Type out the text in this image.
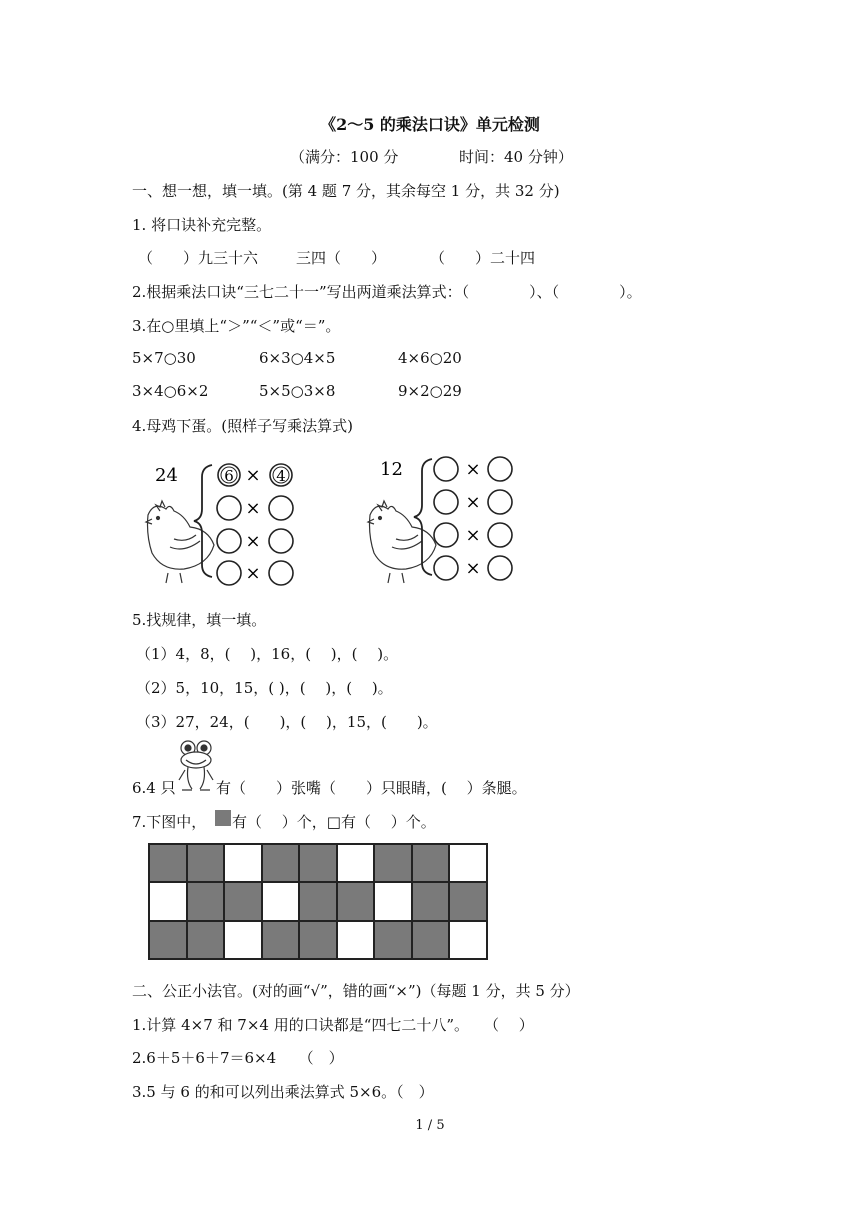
《2～5 的乘法口诀》单元检测
（满分：100 分	时间：40 分钟）
一、想一想，填一填。(第 4 题 7 分，其余每空 1 分，共 32 分)
1. 将口诀补充完整。
（　　）九三十六	三四（　　）	（　　）二十四
2.根据乘法口诀“三七二十一”写出两道乘法算式：（　　　　）、（　　　　）。
3.在○里填上“＞”“＜”或“＝”。
5×7○30	6×3○4×5	4×6○20
3×4○6×2	5×5○3×8	9×2○29
4.母鸡下蛋。(照样子写乘法算式)
24	6 × 4
×
×
×
12	×
×
×
×
5.找规律，填一填。
（1）4，8，(　 )，16，(　 )，(　 )。
（2）5，10，15，( )，(　 )，(　 )。
（3）27，24，(　　)，(　 )，15，(　　)。
6.4 只	有（　　）张嘴（　　）只眼睛，(　 ）条腿。
7.下图中， 有（　 ）个，□有（　 ）个。
二、公正小法官。(对的画“√”，错的画“×”)（每题 1 分，共 5 分）
1.计算 4×7 和 7×4 用的口诀都是“四七二十八”。　　（　 ）
2.6＋5＋6＋7＝6×4　　（　）
3.5 与 6 的和可以列出乘法算式 5×6。（　）
1 / 5
